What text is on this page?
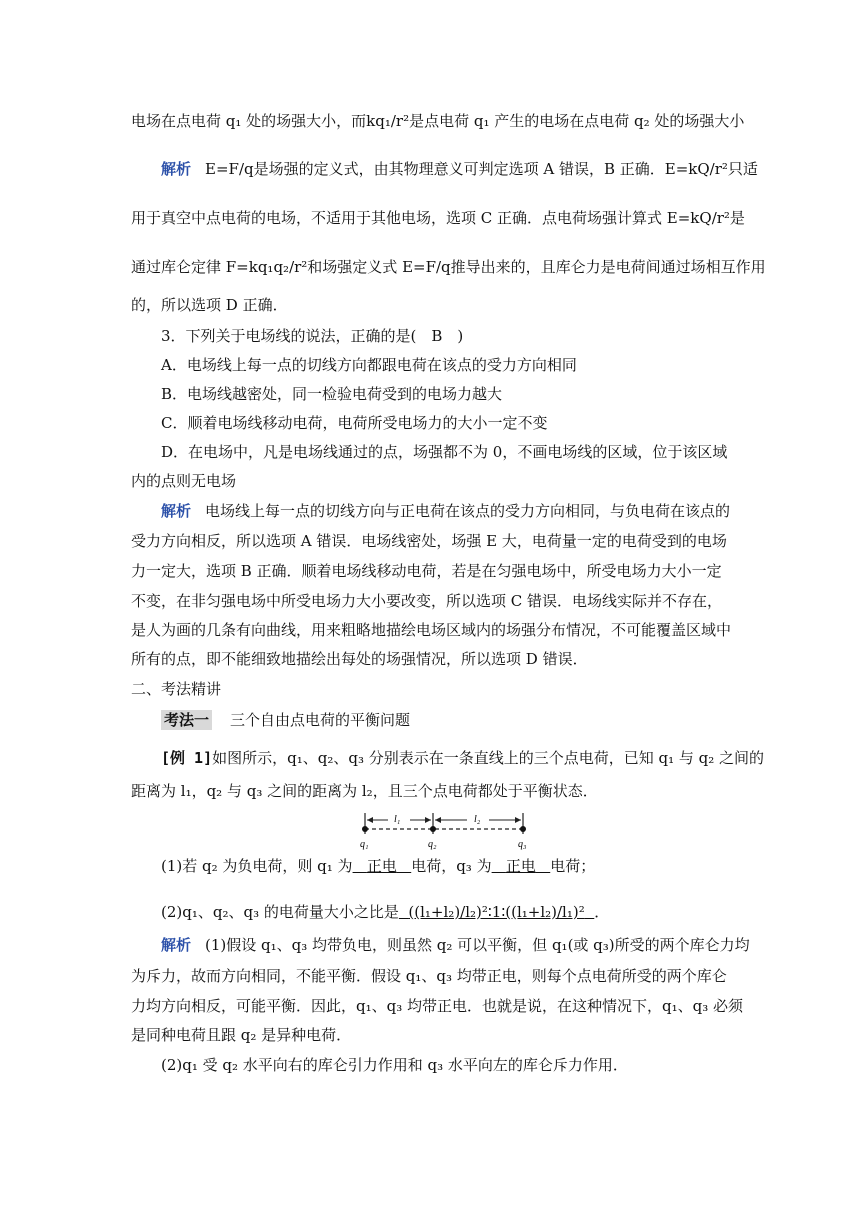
电场在点电荷 q₁ 处的场强大小，而kq₁/r²是点电荷 q₁ 产生的电场在点电荷 q₂ 处的场强大小
解析 E=F/q是场强的定义式，由其物理意义可判定选项 A 错误，B 正确．E=kQ/r²只适
用于真空中点电荷的电场，不适用于其他电场，选项 C 正确．点电荷场强计算式 E=kQ/r²是
通过库仑定律 F=kq₁q₂/r²和场强定义式 E=F/q推导出来的，且库仑力是电荷间通过场相互作用
的，所以选项 D 正确．
3．下列关于电场线的说法，正确的是(　B　)
A．电场线上每一点的切线方向都跟电荷在该点的受力方向相同
B．电场线越密处，同一检验电荷受到的电场力越大
C．顺着电场线移动电荷，电荷所受电场力的大小一定不变
D．在电场中，凡是电场线通过的点，场强都不为 0，不画电场线的区域，位于该区域
内的点则无电场
解析 电场线上每一点的切线方向与正电荷在该点的受力方向相同，与负电荷在该点的
受力方向相反，所以选项 A 错误．电场线密处，场强 E 大，电荷量一定的电荷受到的电场
力一定大，选项 B 正确．顺着电场线移动电荷，若是在匀强电场中，所受电场力大小一定
不变，在非匀强电场中所受电场力大小要改变，所以选项 C 错误．电场线实际并不存在，
是人为画的几条有向曲线，用来粗略地描绘电场区域内的场强分布情况，不可能覆盖区域中
所有的点，即不能细致地描绘出每处的场强情况，所以选项 D 错误．
二、考法精讲
考法一 三个自由点电荷的平衡问题
[例 1]如图所示，q₁、q₂、q₃ 分别表示在一条直线上的三个点电荷，已知 q₁ 与 q₂ 之间的
距离为 l₁，q₂ 与 q₃ 之间的距离为 l₂，且三个点电荷都处于平衡状态．
l₁	l₂
q₁	q₂	q₃
(1)若 q₂ 为负电荷，则 q₁ 为 正电 电荷，q₃ 为 正电 电荷；
(2)q₁、q₂、q₃ 的电荷量大小之比是 ((l₁+l₂)/l₂)²∶1∶((l₁+l₂)/l₁)² ．
解析 (1)假设 q₁、q₃ 均带负电，则虽然 q₂ 可以平衡，但 q₁(或 q₃)所受的两个库仑力均
为斥力，故而方向相同，不能平衡．假设 q₁、q₃ 均带正电，则每个点电荷所受的两个库仑
力均方向相反，可能平衡．因此，q₁、q₃ 均带正电．也就是说，在这种情况下，q₁、q₃ 必须
是同种电荷且跟 q₂ 是异种电荷．
(2)q₁ 受 q₂ 水平向右的库仑引力作用和 q₃ 水平向左的库仑斥力作用．
